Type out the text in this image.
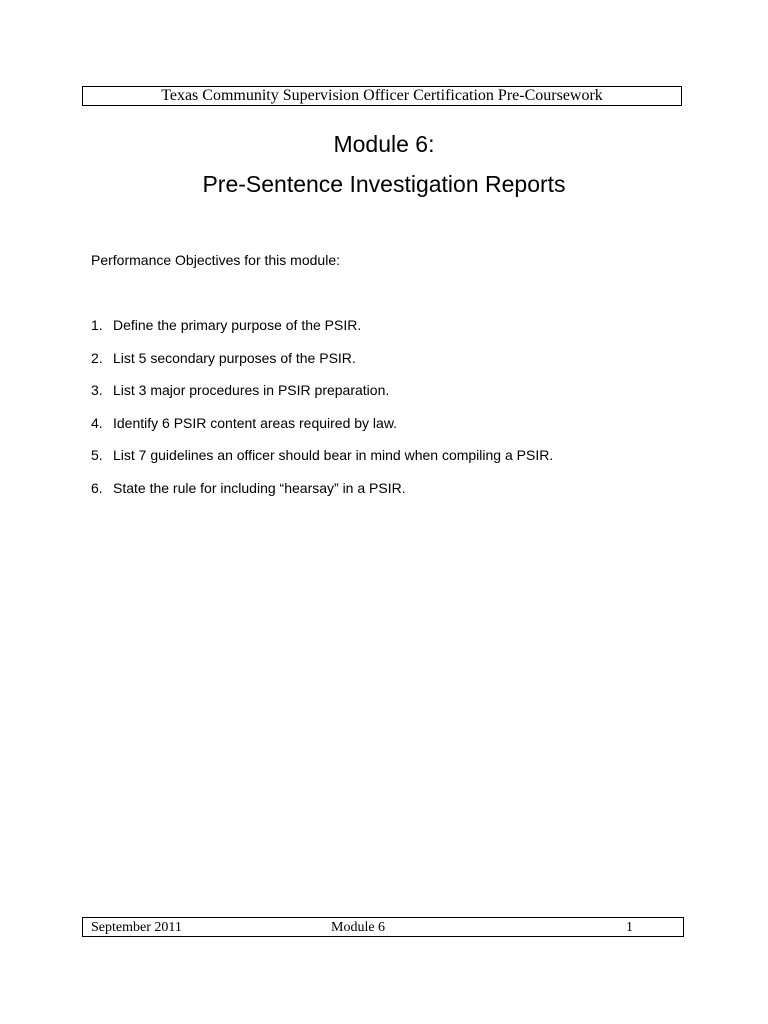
Texas Community Supervision Officer Certification Pre-Coursework
Module 6:
Pre-Sentence Investigation Reports
Performance Objectives for this module:
1. Define the primary purpose of the PSIR.
2. List 5 secondary purposes of the PSIR.
3. List 3 major procedures in PSIR preparation.
4. Identify 6 PSIR content areas required by law.
5. List 7 guidelines an officer should bear in mind when compiling a PSIR.
6. State the rule for including “hearsay” in a PSIR.
September 2011	Module 6	1
